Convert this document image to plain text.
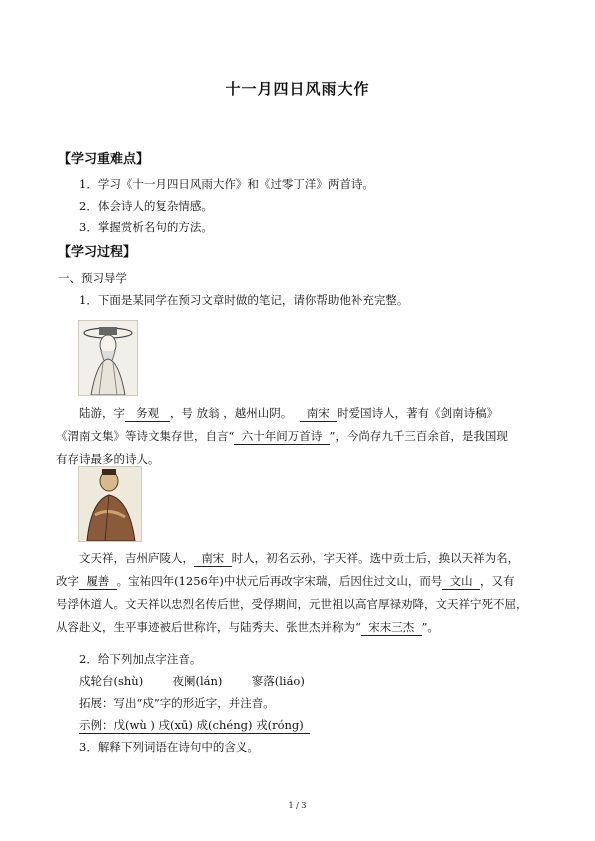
十一月四日风雨大作
【学习重难点】
1．学习《十一月四日风雨大作》和《过零丁洋》两首诗。
2．体会诗人的复杂情感。
3．掌握赏析名句的方法。
【学习过程】
一、预习导学
1．下面是某同学在预习文章时做的笔记，请你帮助他补充完整。
陆游，字 务观 ，号 放翁 ，越州山阴。 南宋 时爱国诗人，著有《剑南诗稿》
《渭南文集》等诗文集存世，自言“ 六十年间万首诗 ”，今尚存九千三百余首，是我国现
有存诗最多的诗人。
文天祥，吉州庐陵人， 南宋 时人，初名云孙，字天祥。选中贡士后，换以天祥为名，
改字 履善 。宝祐四年(1256年)中状元后再改字宋瑞，后因住过文山，而号 文山 ，又有
号浮休道人。文天祥以忠烈名传后世，受俘期间，元世祖以高官厚禄劝降，文天祥宁死不屈，
从容赴义，生平事迹被后世称许，与陆秀夫、张世杰并称为“ 宋末三杰 ”。
2．给下列加点字注音。
戍轮台(shù)	夜阑(lán)	寥落(liáo)
拓展：写出“戍”字的形近字，并注音。
示例：戊(wù ) 戌(xū) 成(chéng) 戎(róng)
3．解释下列词语在诗句中的含义。
1 / 3
